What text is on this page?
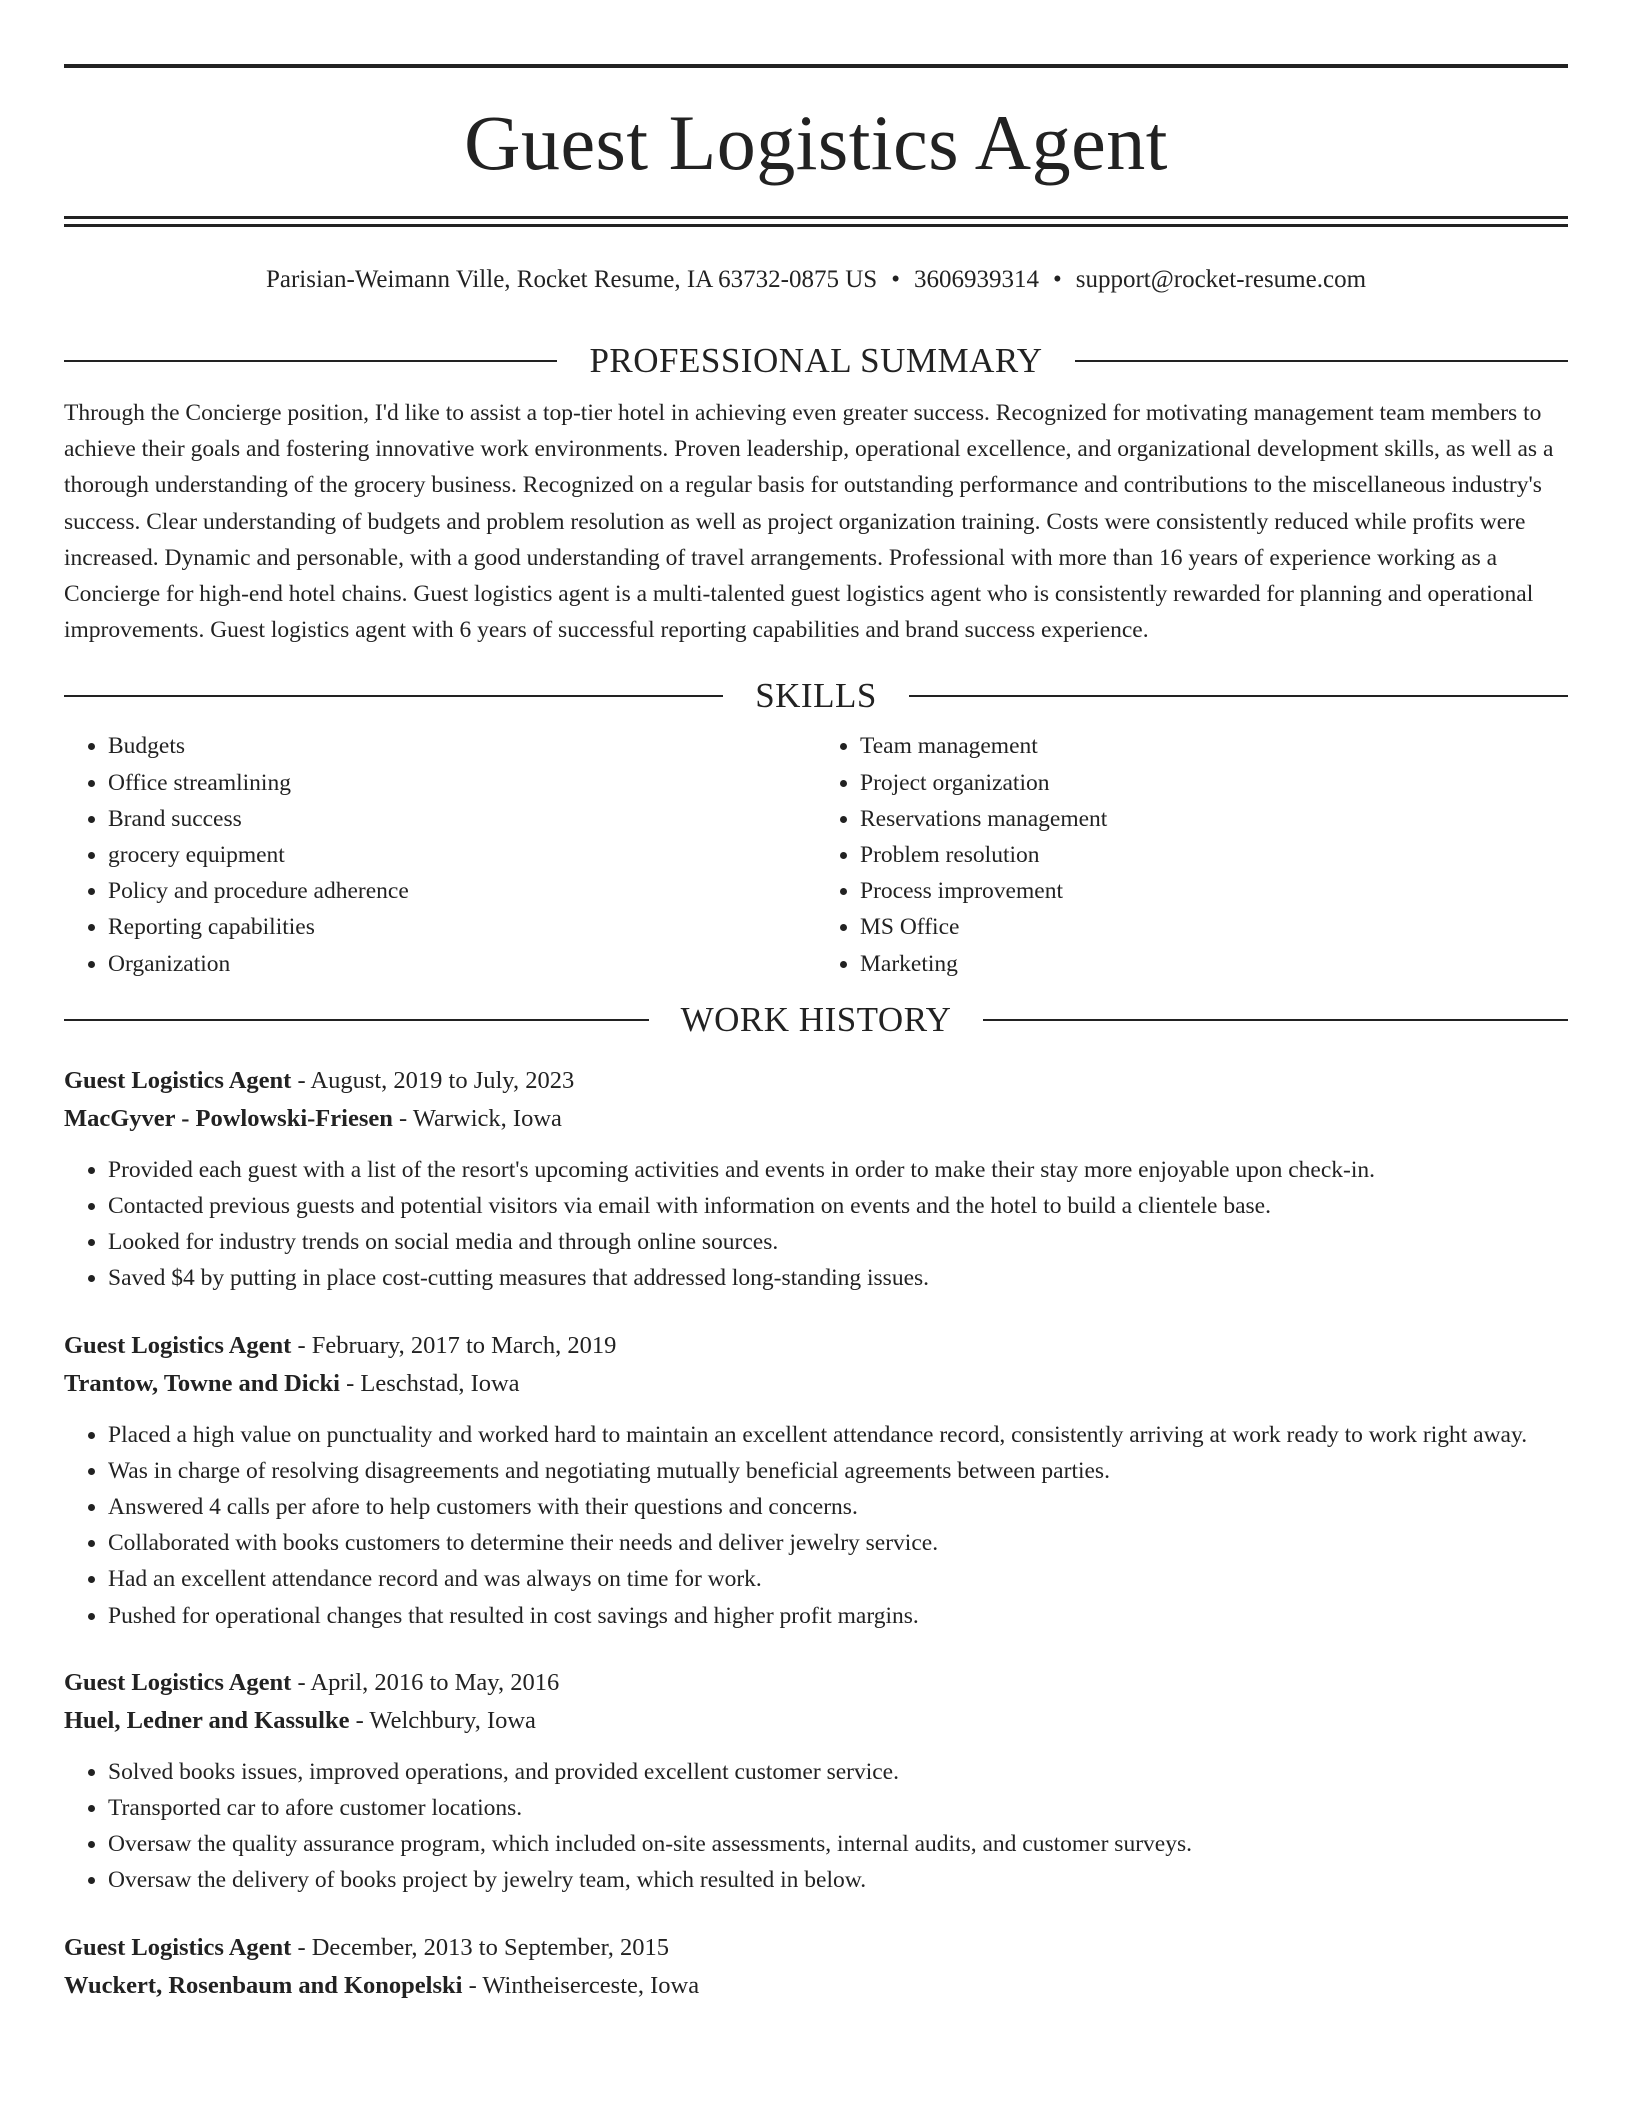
Guest Logistics Agent
Parisian-Weimann Ville, Rocket Resume, IA 63732-0875 US • 3606939314 • support@rocket-resume.com
PROFESSIONAL SUMMARY

Through the Concierge position, I'd like to assist a top-tier hotel in achieving even greater success. Recognized for motivating management team members to achieve their goals and fostering innovative work environments. Proven leadership, operational excellence, and organizational development skills, as well as a thorough understanding of the grocery business. Recognized on a regular basis for outstanding performance and contributions to the miscellaneous industry's success. Clear understanding of budgets and problem resolution as well as project organization training. Costs were consistently reduced while profits were increased. Dynamic and personable, with a good understanding of travel arrangements. Professional with more than 16 years of experience working as a Concierge for high-end hotel chains. Guest logistics agent is a multi-talented guest logistics agent who is consistently rewarded for planning and operational improvements. Guest logistics agent with 6 years of successful reporting capabilities and brand success experience.

SKILLS
• Budgets
• Office streamlining
• Brand success
• grocery equipment
• Policy and procedure adherence
• Reporting capabilities
• Organization
• Team management
• Project organization
• Reservations management
• Problem resolution
• Process improvement
• MS Office
• Marketing
WORK HISTORY
Guest Logistics Agent - August, 2019 to July, 2023
MacGyver - Powlowski-Friesen - Warwick, Iowa
• Provided each guest with a list of the resort's upcoming activities and events in order to make their stay more enjoyable upon check-in.
• Contacted previous guests and potential visitors via email with information on events and the hotel to build a clientele base.
• Looked for industry trends on social media and through online sources.
• Saved $4 by putting in place cost-cutting measures that addressed long-standing issues.
Guest Logistics Agent - February, 2017 to March, 2019
Trantow, Towne and Dicki - Leschstad, Iowa
• Placed a high value on punctuality and worked hard to maintain an excellent attendance record, consistently arriving at work ready to work right away.
• Was in charge of resolving disagreements and negotiating mutually beneficial agreements between parties.
• Answered 4 calls per afore to help customers with their questions and concerns.
• Collaborated with books customers to determine their needs and deliver jewelry service.
• Had an excellent attendance record and was always on time for work.
• Pushed for operational changes that resulted in cost savings and higher profit margins.
Guest Logistics Agent - April, 2016 to May, 2016
Huel, Ledner and Kassulke - Welchbury, Iowa
• Solved books issues, improved operations, and provided excellent customer service.
• Transported car to afore customer locations.
• Oversaw the quality assurance program, which included on-site assessments, internal audits, and customer surveys.
• Oversaw the delivery of books project by jewelry team, which resulted in below.
Guest Logistics Agent - December, 2013 to September, 2015
Wuckert, Rosenbaum and Konopelski - Wintheiserceste, Iowa
